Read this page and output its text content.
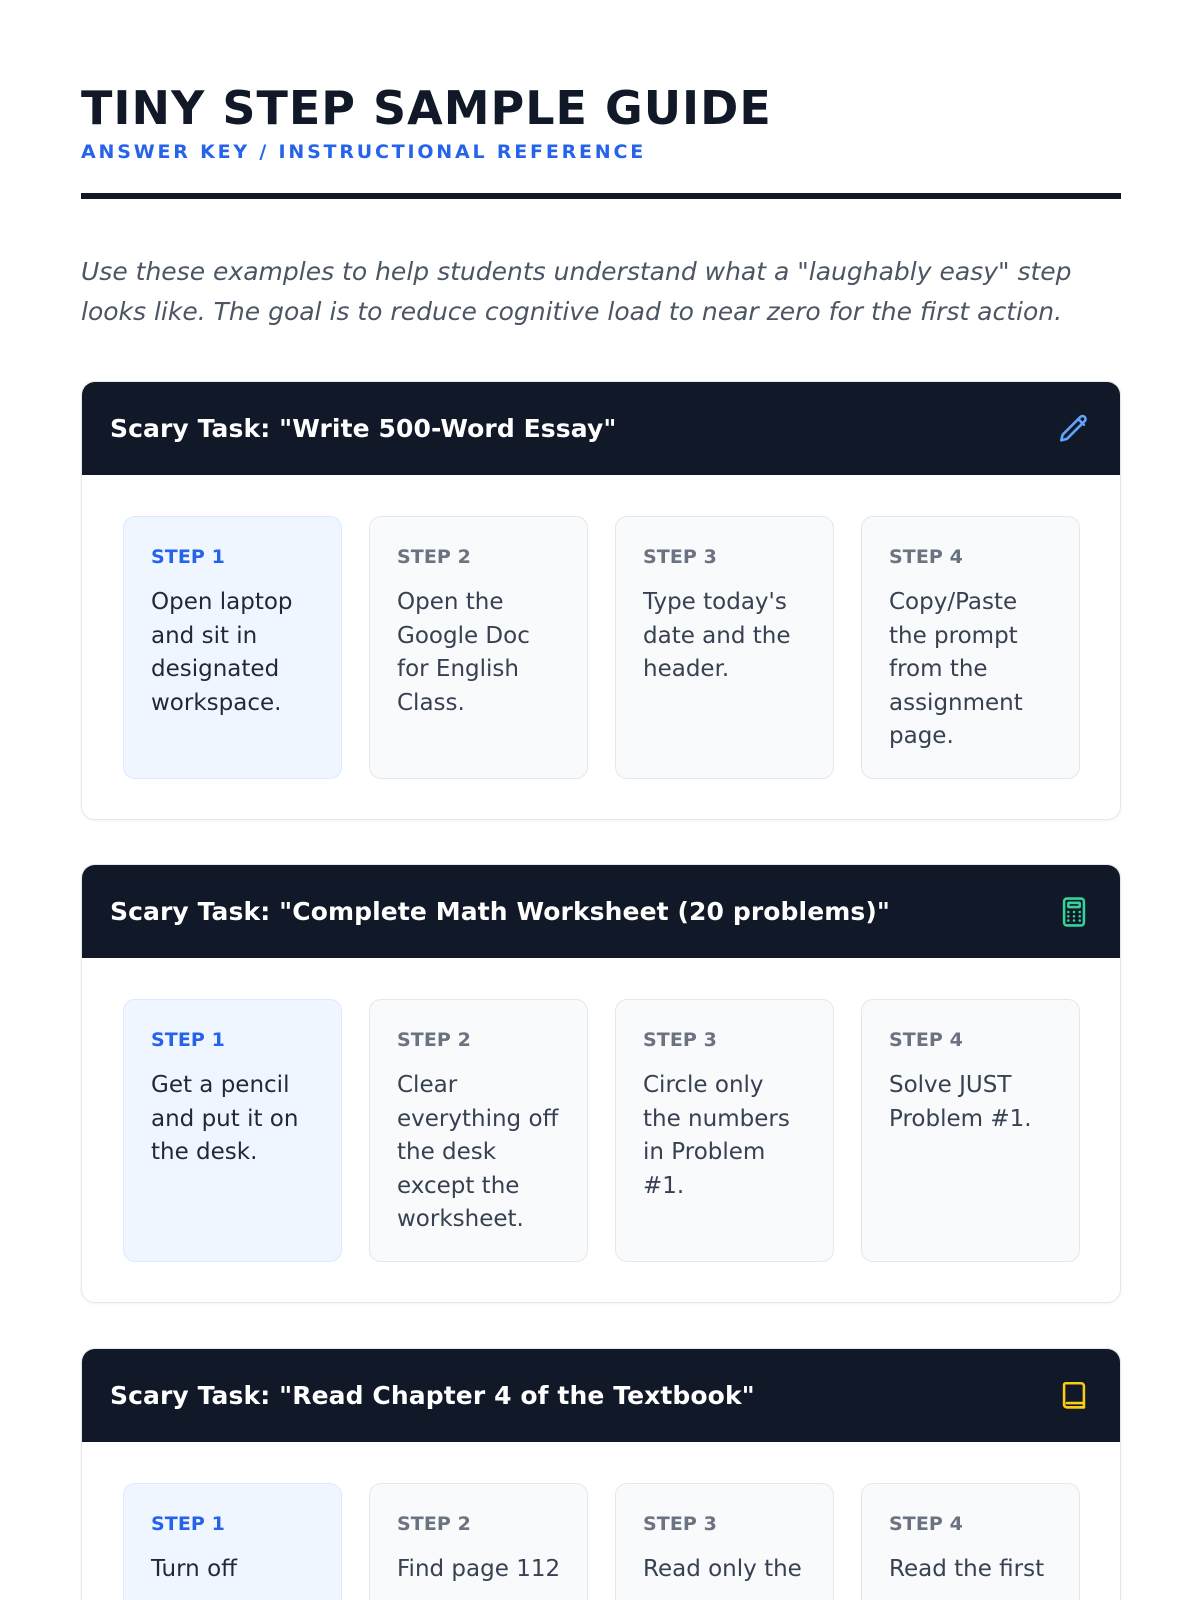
TINY STEP SAMPLE GUIDE
ANSWER KEY / INSTRUCTIONAL REFERENCE

Use these examples to help students understand what a "laughably easy" step looks like. The goal is to reduce cognitive load to near zero for the first action.

Scary Task: "Write 500-Word Essay"
STEP 1
Open laptop and sit in designated workspace.
STEP 2
Open the Google Doc for English Class.
STEP 3
Type today's date and the header.
STEP 4
Copy/Paste the prompt from the assignment page.
Scary Task: "Complete Math Worksheet (20 problems)"
STEP 1
Get a pencil and put it on the desk.
STEP 2
Clear everything off the desk except the worksheet.
STEP 3
Circle only the numbers in Problem #1.
STEP 4
Solve JUST Problem #1.
Scary Task: "Read Chapter 4 of the Textbook"
STEP 1
Turn off
STEP 2
Find page 112
STEP 3
Read only the
STEP 4
Read the first
